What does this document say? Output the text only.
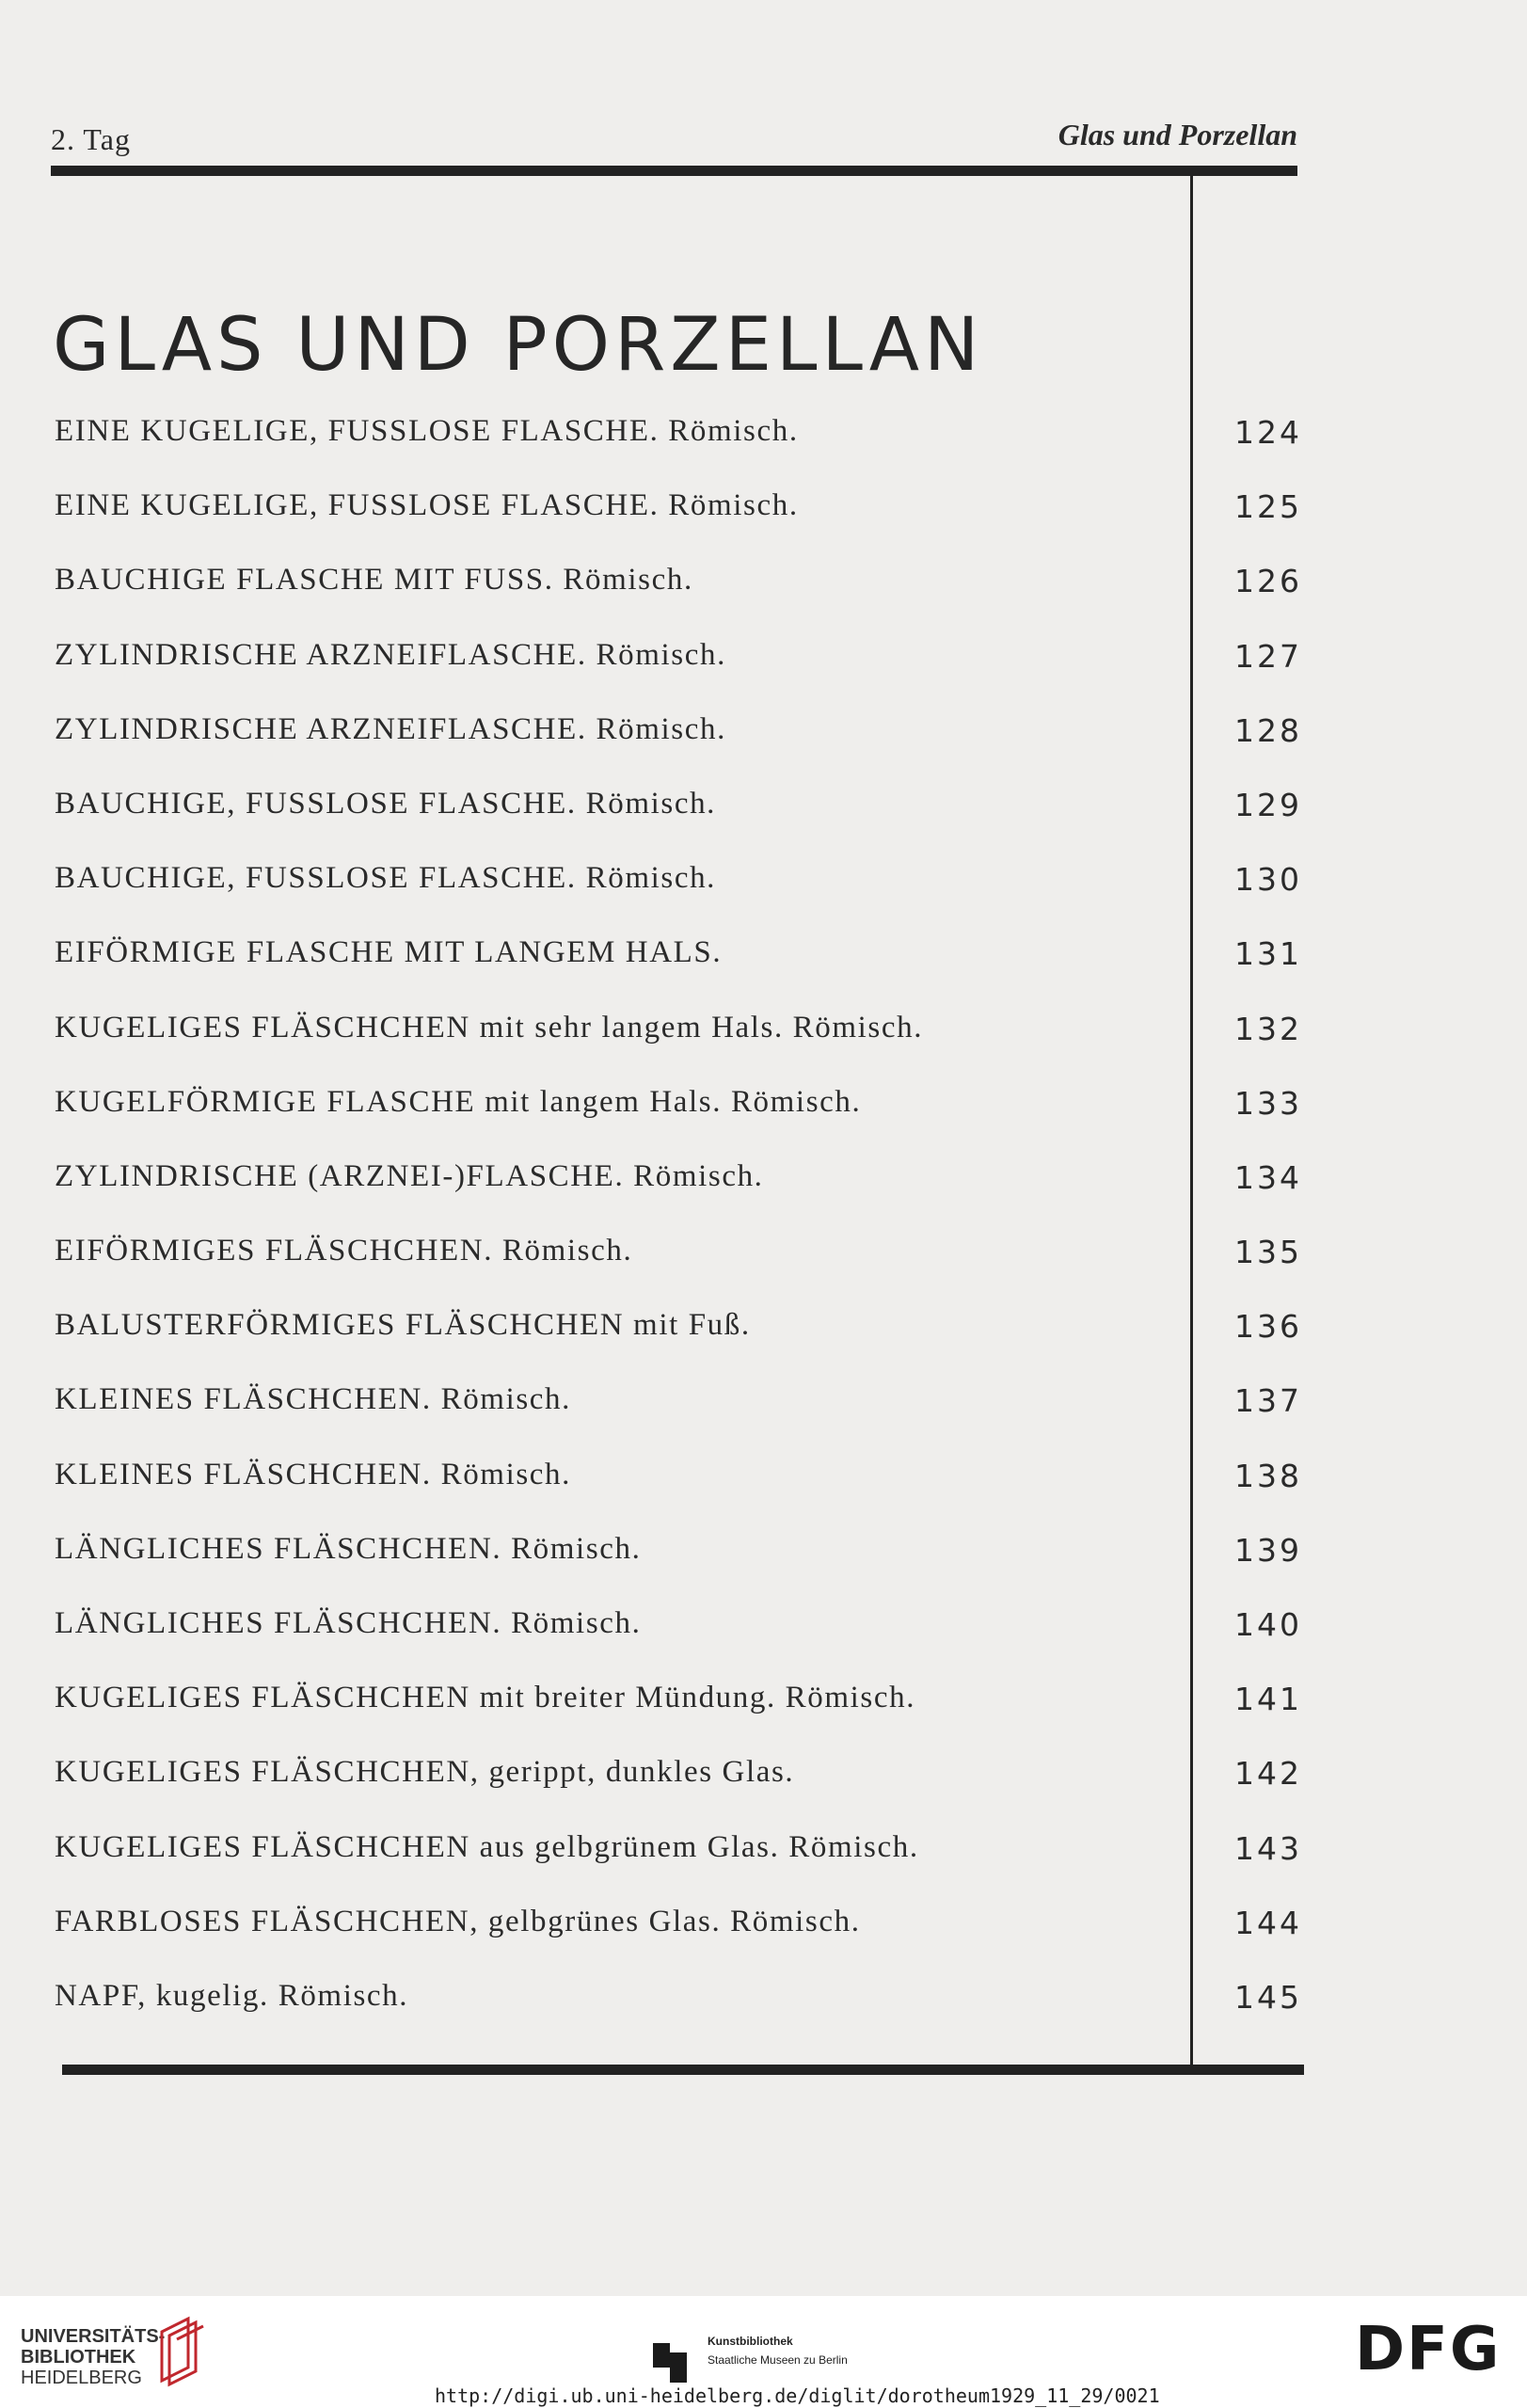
2. Tag	Glas und Porzellan
GLAS UND PORZELLAN
EINE KUGELIGE, FUSSLOSE FLASCHE. Römisch.	124
EINE KUGELIGE, FUSSLOSE FLASCHE. Römisch.	125
BAUCHIGE FLASCHE MIT FUSS. Römisch.	126
ZYLINDRISCHE ARZNEIFLASCHE. Römisch.	127
ZYLINDRISCHE ARZNEIFLASCHE. Römisch.	128
BAUCHIGE, FUSSLOSE FLASCHE. Römisch.	129
BAUCHIGE, FUSSLOSE FLASCHE. Römisch.	130
EIFÖRMIGE FLASCHE MIT LANGEM HALS.	131
KUGELIGES FLÄSCHCHEN mit sehr langem Hals. Römisch.	132
KUGELFÖRMIGE FLASCHE mit langem Hals. Römisch.	133
ZYLINDRISCHE (ARZNEI-)FLASCHE. Römisch.	134
EIFÖRMIGES FLÄSCHCHEN. Römisch.	135
BALUSTERFÖRMIGES FLÄSCHCHEN mit Fuß.	136
KLEINES FLÄSCHCHEN. Römisch.	137
KLEINES FLÄSCHCHEN. Römisch.	138
LÄNGLICHES FLÄSCHCHEN. Römisch.	139
LÄNGLICHES FLÄSCHCHEN. Römisch.	140
KUGELIGES FLÄSCHCHEN mit breiter Mündung. Römisch.	141
KUGELIGES FLÄSCHCHEN, gerippt, dunkles Glas.	142
KUGELIGES FLÄSCHCHEN aus gelbgrünem Glas. Römisch.	143
FARBLOSES FLÄSCHCHEN, gelbgrünes Glas. Römisch.	144
NAPF, kugelig. Römisch.	145
UNIVERSITÄTS-
BIBLIOTHEK
HEIDELBERG
Kunstbibliothek
Staatliche Museen zu Berlin	DFG
http://digi.ub.uni-heidelberg.de/diglit/dorotheum1929_11_29/0021
